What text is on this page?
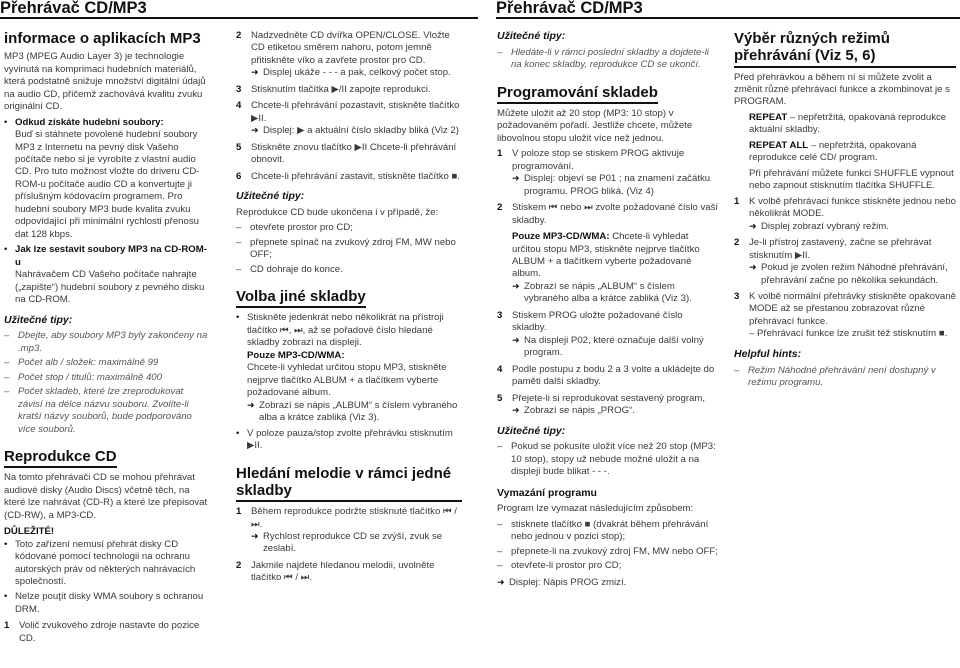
Přehrávač CD/MP3	Přehrávač CD/MP3
informace o aplikacích MP3

MP3 (MPEG Audio Layer 3) je technologie vyvinutá na komprimaci hudebních materiálů, která podstatně snižuje množství digitální údajů na audio CD, přičemž zachovává kvalitu zvuku originální CD.

• Odkud získáte hudební soubory:
Buď si stáhnete povolené hudební soubory MP3 z Internetu na pevný disk Vašeho počítače nebo si je vyrobíte z vlastní audio CD. Pro tuto možnost vložte do driveru CD-ROM-u počítače audio CD a konvertujte ji příslušným kódovacím programem. Pro hudební soubory MP3 bude kvalita zvuku odpovídající při minimální rychlosti přenosu dat 128 kbps.
• Jak lze sestavit soubory MP3 na CD-ROM-u
Nahrávačem CD Vašeho počítače nahrajte („zapište“) hudební soubory z pevného disku na CD-ROM.
Užitečné tipy:
– Dbejte, aby soubory MP3 byly zakončeny na .mp3.
– Počet alb / složek: maximálně 99
– Počet stop / titulů: maximálně 400
– Počet skladeb, které lze zreprodukovat závisí na délce názvu souboru. Zvolíte-li kratší názvy souborů, bude podporováno více souborů.
Reprodukce CD

Na tomto přehrávači CD se mohou přehrávat audiové disky (Audio Discs) včetně těch, na které lze nahrávat (CD-R) a které lze přepisovat (CD-RW), a MP3-CD.

DŮLEŽITÉ!
• Toto zařízení nemusí přehrát disky CD kódované pomocí technologii na ochranu autorských práv od některých nahrávacích společností.
• Nelze pouţít disky WMA soubory s ochranou DRM.
1 Volič zvukového zdroje nastavte do pozice CD.
2 Nadzvedněte CD dvířka OPEN/CLOSE. Vložte CD etiketou směrem nahoru, potom jemně přitiskněte víko a zavřete prostor pro CD.
➜ Displej ukáže - - - a pak, celkový počet stop.
3 Stisknutím tlačítka ▶/II zapojte reprodukci.
4 Chcete-li přehrávání pozastavit, stiskněte tlačítko ▶II.
➜ Displej: ▶ a aktuální číslo skladby bliká (Viz 2)
5 Stiskněte znovu tlačítko ▶II Chcete-li přehrávání obnovit.
6 Chcete-li přehrávání zastavit, stiskněte tlačítko ■.
Užitečné tipy:

Reprodukce CD bude ukončena i v případě, že:

– otevřete prostor pro CD;
– přepnete spínač na zvukový zdroj FM, MW nebo OFF;
– CD dohraje do konce.
Volba jiné skladby
• Stiskněte jedenkrát nebo několikrát na přístroji tlačítko ⏮, ⏭, až se pořadové číslo hledané skladby zobrazí na displeji.
Pouze MP3-CD/WMA:
Chcete-li vyhledat určitou stopu MP3, stiskněte nejprve tlačítko ALBUM + a tlačítkem vyberte požadované album.
➜ Zobrazí se nápis „ALBUM“ s číslem vybraného alba a krátce zabliká (Viz 3).
• V poloze pauza/stop zvolte přehrávku stisknutím ▶II.
Hledání melodie v rámci jedné skladby
1 Během reprodukce podržte stisknuté tlačítko ⏮ / ⏭.
➜ Rychlost reprodukce CD se zvýší, zvuk se zeslabí.
2 Jakmile najdete hledanou melodii, uvolněte tlačítko ⏮ / ⏭.
Užitečné tipy:
– Hledáte-li v rámci poslední skladby a dojdete-li na konec skladby, reprodukce CD se ukončí.
Programování skladeb

Můžete uložit až 20 stop (MP3: 10 stop) v požadovaném pořadí. Jestliže chcete, můžete libovolnou stopu uložit více než jednou.

1 V poloze stop se stiskem PROG aktivuje programování.
➜ Displej: objeví se P01 ; na znamení začátku programu. PROG bliká. (Viz 4)
2 Stiskem ⏮ nebo ⏭ zvolte požadované číslo vaší skladby.
Pouze MP3-CD/WMA: Chcete-li vyhledat určitou stopu MP3, stiskněte nejprve tlačítko ALBUM + a tlačítkem vyberte požadované album.
➜ Zobrazí se nápis „ALBUM“ s číslem vybraného alba a krátce zabliká (Viz 3).
3 Stiskem PROG uložte požadované číslo skladby.
➜ Na displeji P02, které označuje další volný program.
4 Podle postupu z bodu 2 a 3 volte a ukládejte do paměti další skladby.
5 Přejete-li si reprodukovat sestavený program,
➜ Zobrazí se nápis „PROG“.
Užitečné tipy:
– Pokud se pokusíte uložit více než 20 stop (MP3: 10 stop), stopy už nebude možné uložit a na displeji bude blikat - - -.
Vymazání programu

Program lze vymazat následujícím způsobem:

– stisknete tlačítko ■ (dvakrát během přehrávání nebo jednou v pozici stop);
– přepnete-li na zvukový zdroj FM, MW nebo OFF;
– otevřete-li prostor pro CD;
➜ Displej: Nápis PROG zmizí.
Výběr různých režimů přehrávání (Viz 5, 6)

Před přehrávkou a během ní si můžete zvolit a změnit různé přehrávací funkce a zkombinovat je s PROGRAM.

REPEAT – nepřetržitá, opakovaná reprodukce aktuální skladby.

REPEAT ALL – nepřetržitá, opakovaná reprodukce celé CD/ program.

Při přehrávání můžete funkci SHUFFLE vypnout nebo zapnout stisknutím tlačítka SHUFFLE.

1 K volbě přehrávací funkce stiskněte jednou nebo několikrát MODE.
➜ Displej zobrazí vybraný režim.
2 Je-li přístroj zastavený, začne se přehrávat stisknutím ▶II.
➜ Pokud je zvolen režim Náhodné přehrávání, přehrávání začne po několika sekundách.
3 K volbě normální přehrávky stiskněte opakovaně MODE až se přestanou zobrazovat různé přehrávací funkce.
– Přehrávací funkce lze zrušit též stisknutím ■.
Helpful hints:
– Režim Náhodné přehrávání není dostupný v režimu programu.
